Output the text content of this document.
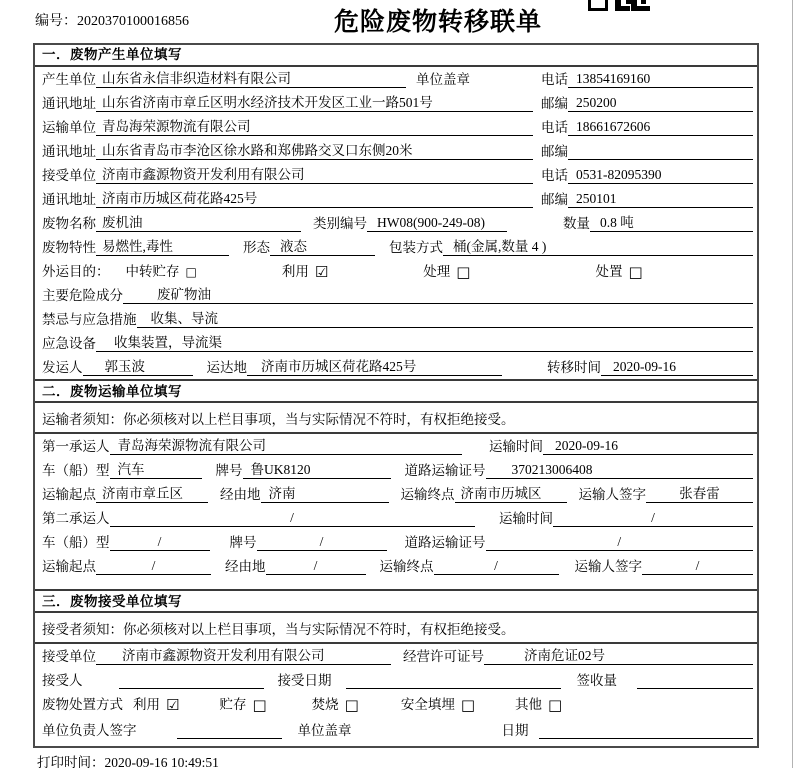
编号：2020370100016856	危险废物转移联单
一．废物产生单位填写
产生单位 山东省永信非织造材料有限公司	单位盖章	电话 13854169160
通讯地址 山东省济南市章丘区明水经济技术开发区工业一路501号	邮编 250200
运输单位 青岛海荣源物流有限公司	电话 18661672606
通讯地址 山东省青岛市李沧区徐水路和郑佛路交叉口东侧20米	邮编
接受单位 济南市鑫源物资开发利用有限公司	电话 0531-82095390
通讯地址 济南市历城区荷花路425号	邮编 250101
废物名称 废机油	类别编号 HW08(900-249-08)	数量 0.8 吨
废物特性 易燃性,毒性	形态 液态	包装方式 桶(金属,数量 4 )
外运目的： 中转贮存 □	利用 ☑	处理 □	处置 □
主要危险成分	废矿物油
禁忌与应急措施	收集、导流
应急设备	收集装置，导流渠
发运人	郭玉波	运达地	济南市历城区荷花路425号	转移时间 2020-09-16
二．废物运输单位填写
运输者须知：你必须核对以上栏目事项，当与实际情况不符时，有权拒绝接受。
第一承运人 青岛海荣源物流有限公司	运输时间 2020-09-16
车（船）型 汽车	牌号 鲁UK8120	道路运输证号	370213006408
运输起点 济南市章丘区	经由地 济南	运输终点 济南市历城区	运输人签字	张春雷
第二承运人	/	运输时间	/
车（船）型	/	牌号	/	道路运输证号	/
运输起点	/	经由地	/	运输终点	/	运输人签字	/
三．废物接受单位填写
接受者须知：你必须核对以上栏目事项，当与实际情况不符时，有权拒绝接受。
接受单位	济南市鑫源物资开发利用有限公司	经营许可证号	济南危证02号
接受人	接受日期	签收量
废物处置方式 利用 ☑	贮存 □	焚烧 □	安全填埋 □	其他 □
单位负责人签字	单位盖章	日期
打印时间：2020-09-16 10:49:51
